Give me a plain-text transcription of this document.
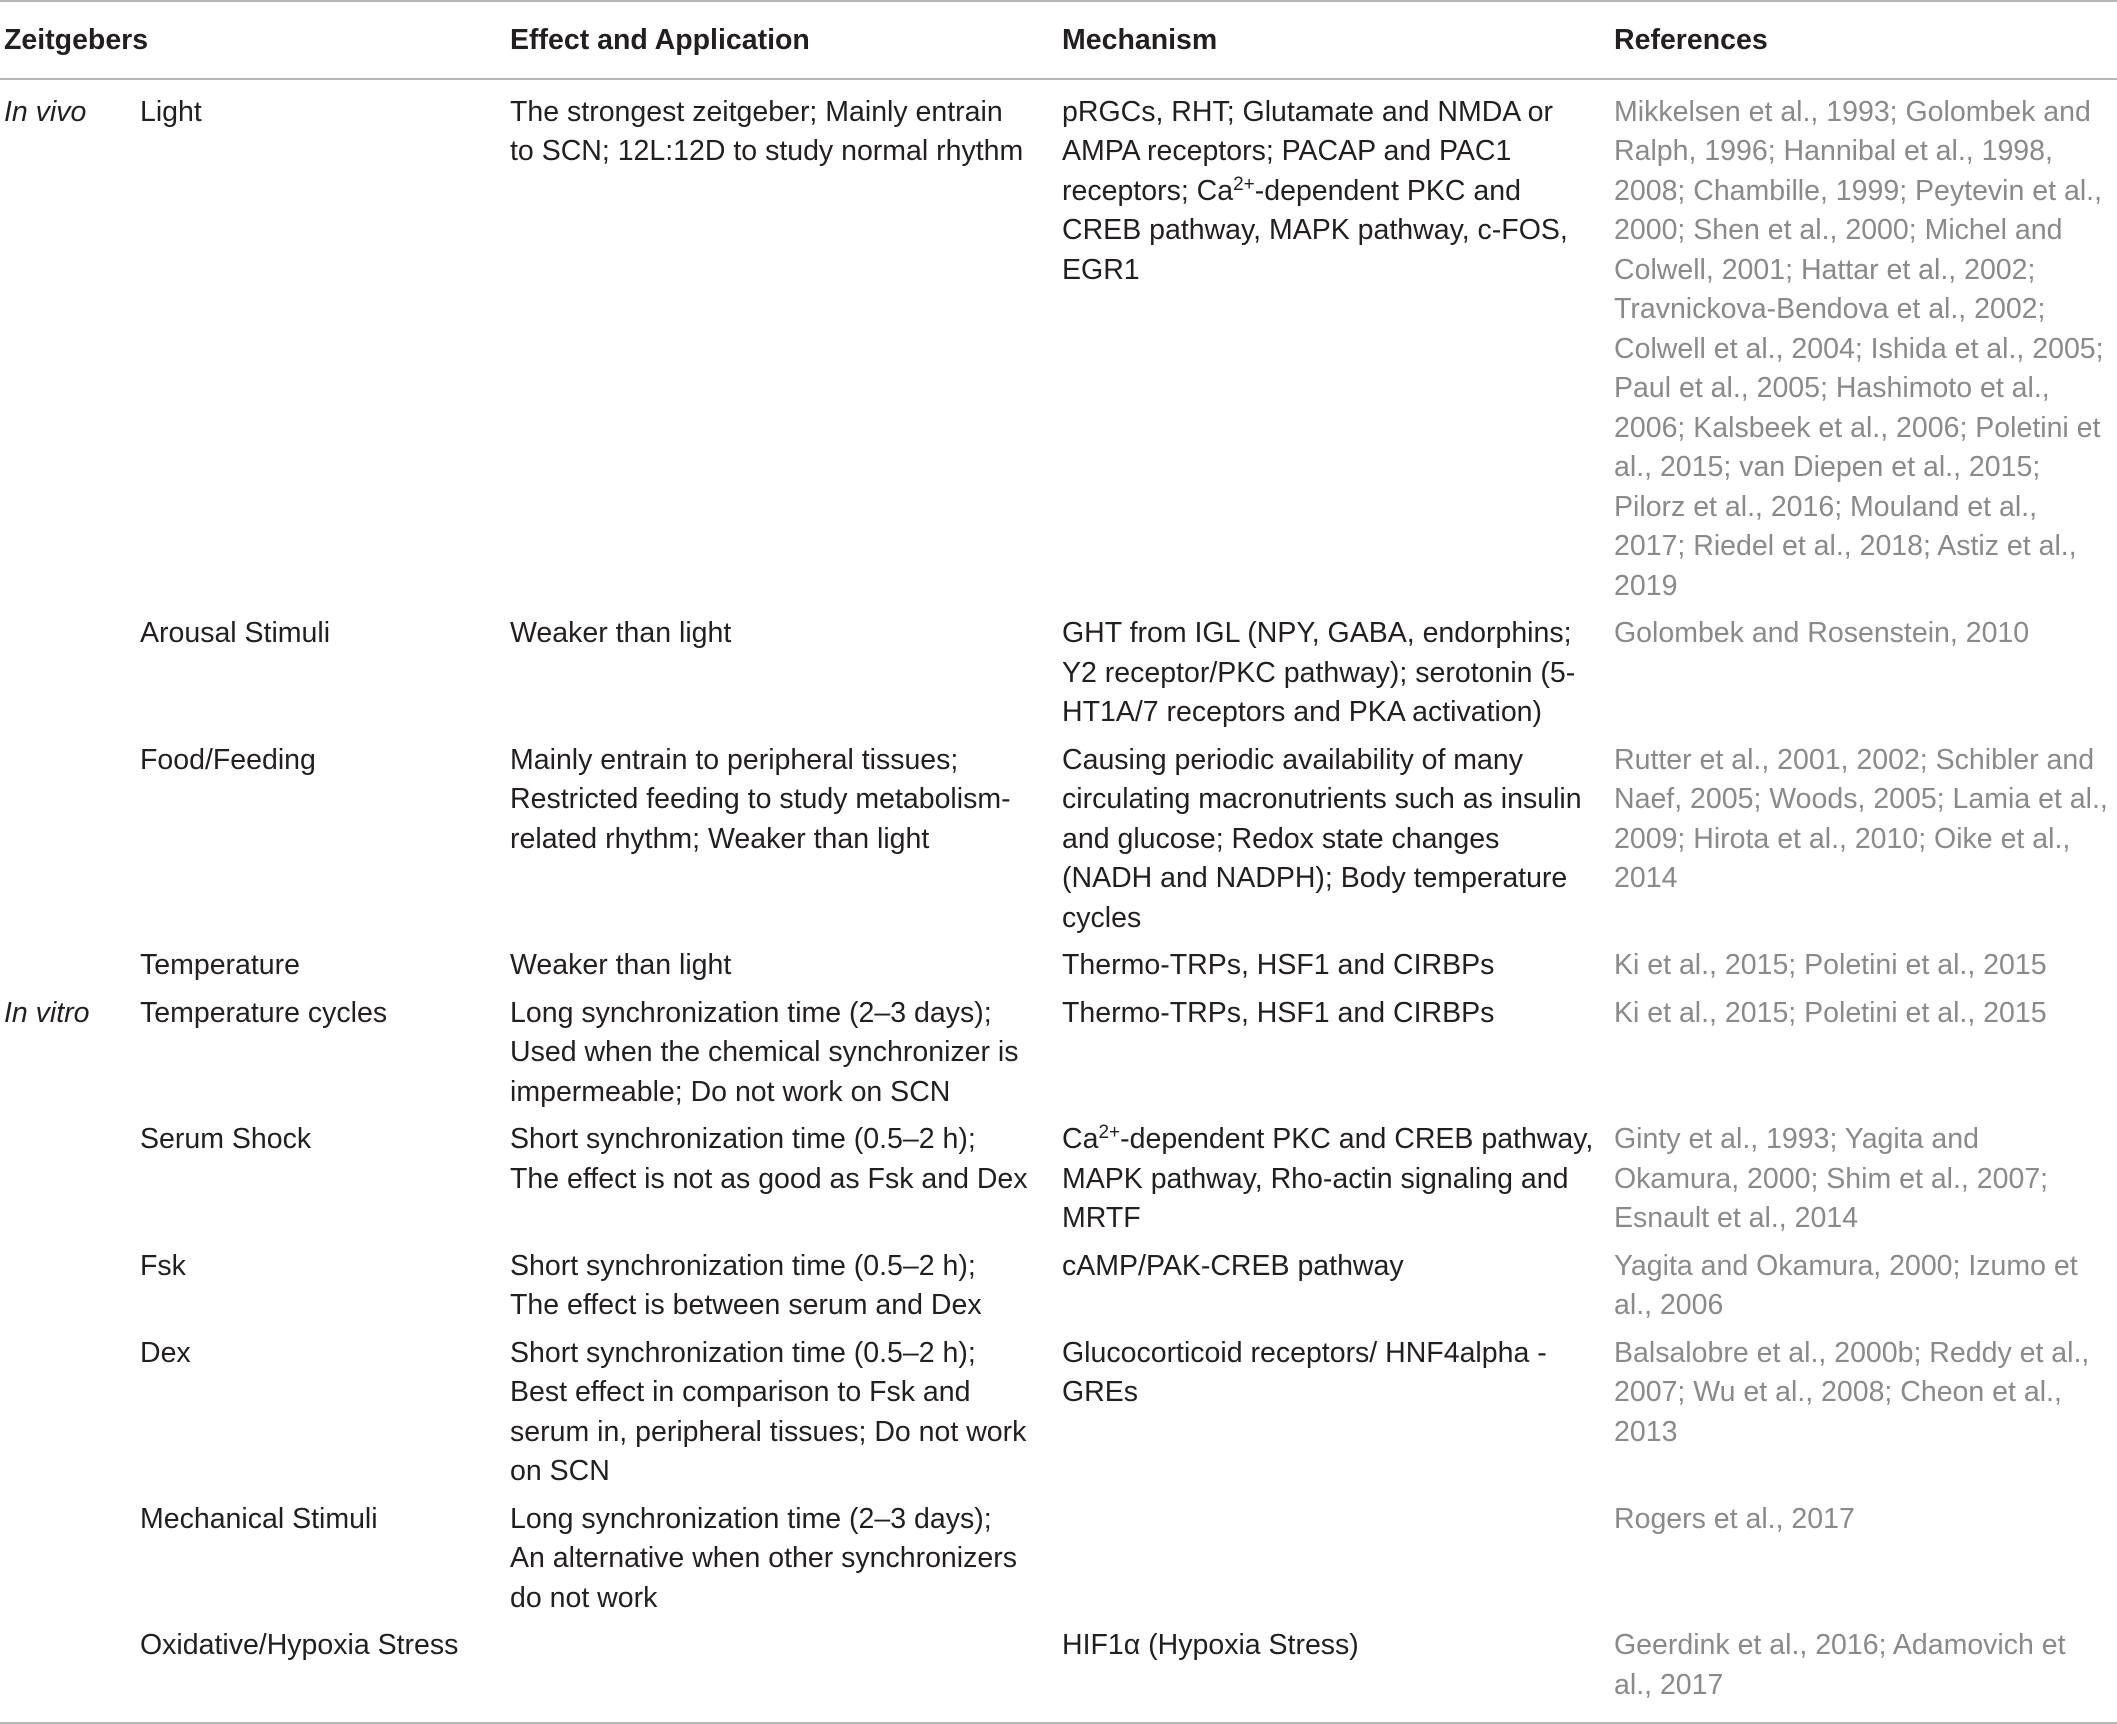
Zeitgebers		Effect and Application	Mechanism	References
In vivo	Light	The strongest zeitgeber; Mainly entrain to SCN; 12L:12D to study normal rhythm	pRGCs, RHT; Glutamate and NMDA or AMPA receptors; PACAP and PAC1 receptors; $Ca^{2+}$-dependent PKC and CREB pathway, MAPK pathway, c-FOS, EGR1	Mikkelsen et al., 1993; Golombek and Ralph, 1996; Hannibal et al., 1998, 2008; Chambille, 1999; Peytevin et al., 2000; Shen et al., 2000; Michel and Colwell, 2001; Hattar et al., 2002; Travnickova-Bendova et al., 2002; Colwell et al., 2004; Ishida et al., 2005; Paul et al., 2005; Hashimoto et al., 2006; Kalsbeek et al., 2006; Poletini et al., 2015; van Diepen et al., 2015; Pilorz et al., 2016; Mouland et al., 2017; Riedel et al., 2018; Astiz et al., 2019
	Arousal Stimuli	Weaker than light	GHT from IGL (NPY, GABA, endorphins; Y2 receptor/PKC pathway); serotonin (5-HT1A/7 receptors and PKA activation)	Golombek and Rosenstein, 2010
	Food/Feeding	Mainly entrain to peripheral tissues; Restricted feeding to study metabolism-related rhythm; Weaker than light	Causing periodic availability of many circulating macronutrients such as insulin and glucose; Redox state changes (NADH and NADPH); Body temperature cycles	Rutter et al., 2001, 2002; Schibler and Naef, 2005; Woods, 2005; Lamia et al., 2009; Hirota et al., 2010; Oike et al., 2014
	Temperature	Weaker than light	Thermo-TRPs, HSF1 and CIRBPs	Ki et al., 2015; Poletini et al., 2015
In vitro	Temperature cycles	Long synchronization time (2–3 days); Used when the chemical synchronizer is impermeable; Do not work on SCN	Thermo-TRPs, HSF1 and CIRBPs	Ki et al., 2015; Poletini et al., 2015
	Serum Shock	Short synchronization time (0.5–2 h); The effect is not as good as Fsk and Dex	$Ca^{2+}$-dependent PKC and CREB pathway, MAPK pathway, Rho-actin signaling and MRTF	Ginty et al., 1993; Yagita and Okamura, 2000; Shim et al., 2007; Esnault et al., 2014
	Fsk	Short synchronization time (0.5–2 h); The effect is between serum and Dex	cAMP/PAK-CREB pathway	Yagita and Okamura, 2000; Izumo et al., 2006
	Dex	Short synchronization time (0.5–2 h); Best effect in comparison to Fsk and serum in, peripheral tissues; Do not work on SCN	Glucocorticoid receptors/ HNF4alpha - GREs	Balsalobre et al., 2000b; Reddy et al., 2007; Wu et al., 2008; Cheon et al., 2013
	Mechanical Stimuli	Long synchronization time (2–3 days); An alternative when other synchronizers do not work		Rogers et al., 2017
	Oxidative/Hypoxia Stress		HIF1α (Hypoxia Stress)	Geerdink et al., 2016; Adamovich et al., 2017
